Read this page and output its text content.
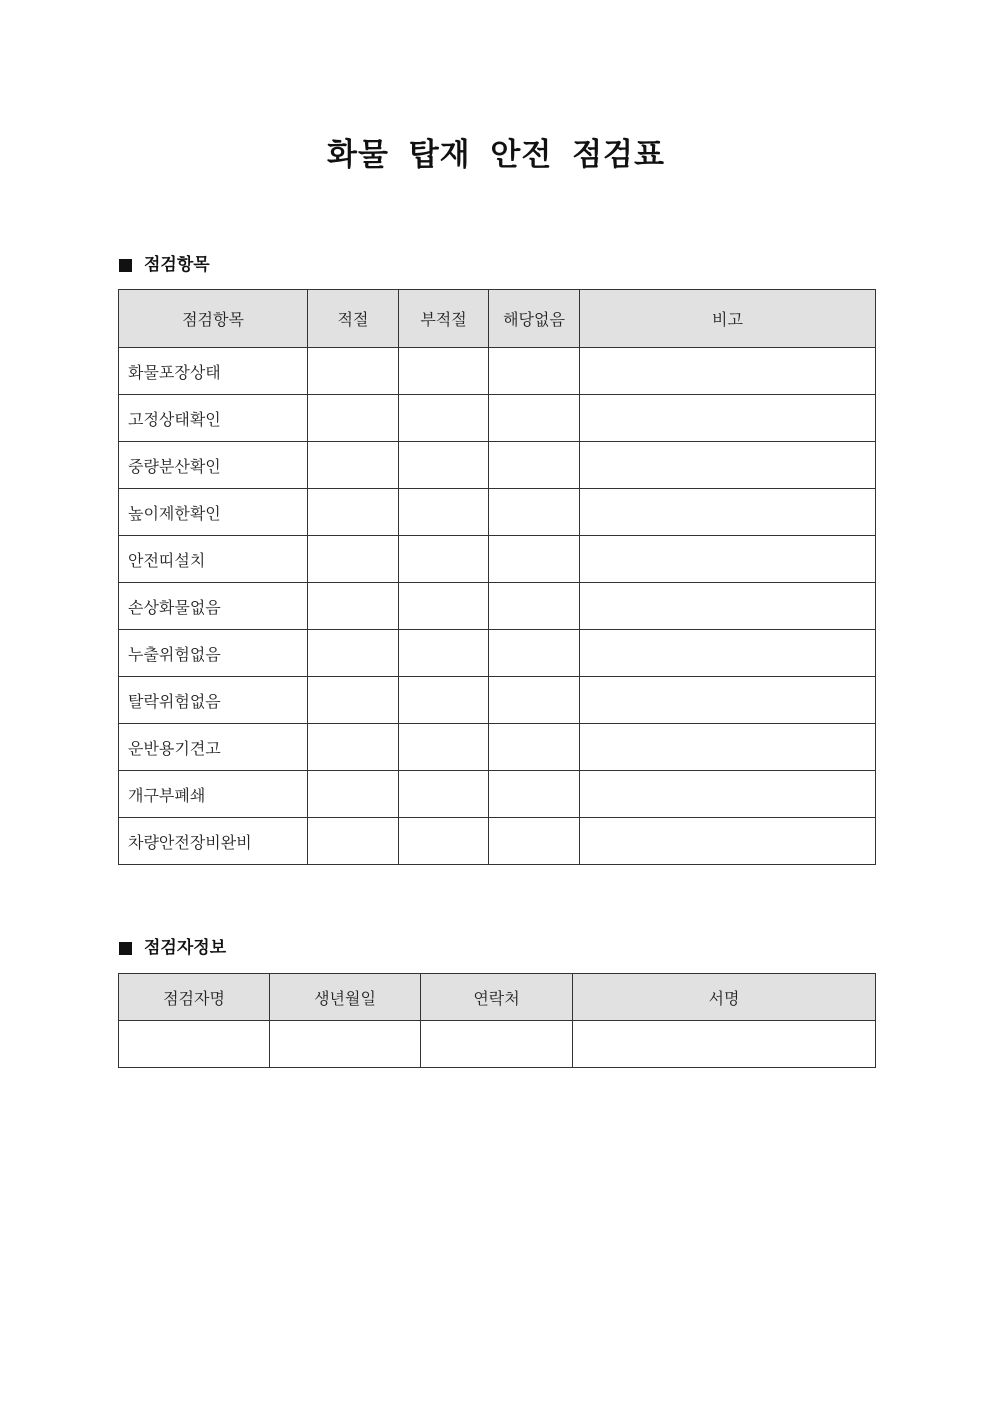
화물 탑재 안전 점검표
점검항목
점검항목	적절	부적절	해당없음	비고
화물포장상태				
고정상태확인				
중량분산확인				
높이제한확인				
안전띠설치				
손상화물없음				
누출위험없음				
탈락위험없음				
운반용기견고				
개구부폐쇄				
차량안전장비완비				
점검자정보
점검자명	생년월일	연락처	서명
